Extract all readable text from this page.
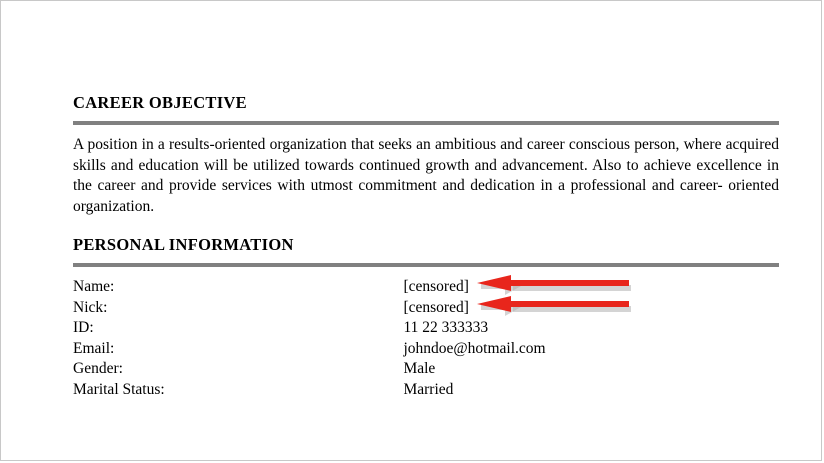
CAREER OBJECTIVE

A position in a results-oriented organization that seeks an ambitious and career conscious person, where acquired skills and education will be utilized towards continued growth and advancement. Also to achieve excellence in the career and provide services with utmost commitment and dedication in a professional and career- oriented organization.

PERSONAL INFORMATION
Name:	[censored]

Nick:	[censored]

ID:	11 22 333333
Email:	johndoe@hotmail.com
Gender:	Male
Marital Status:	Married
